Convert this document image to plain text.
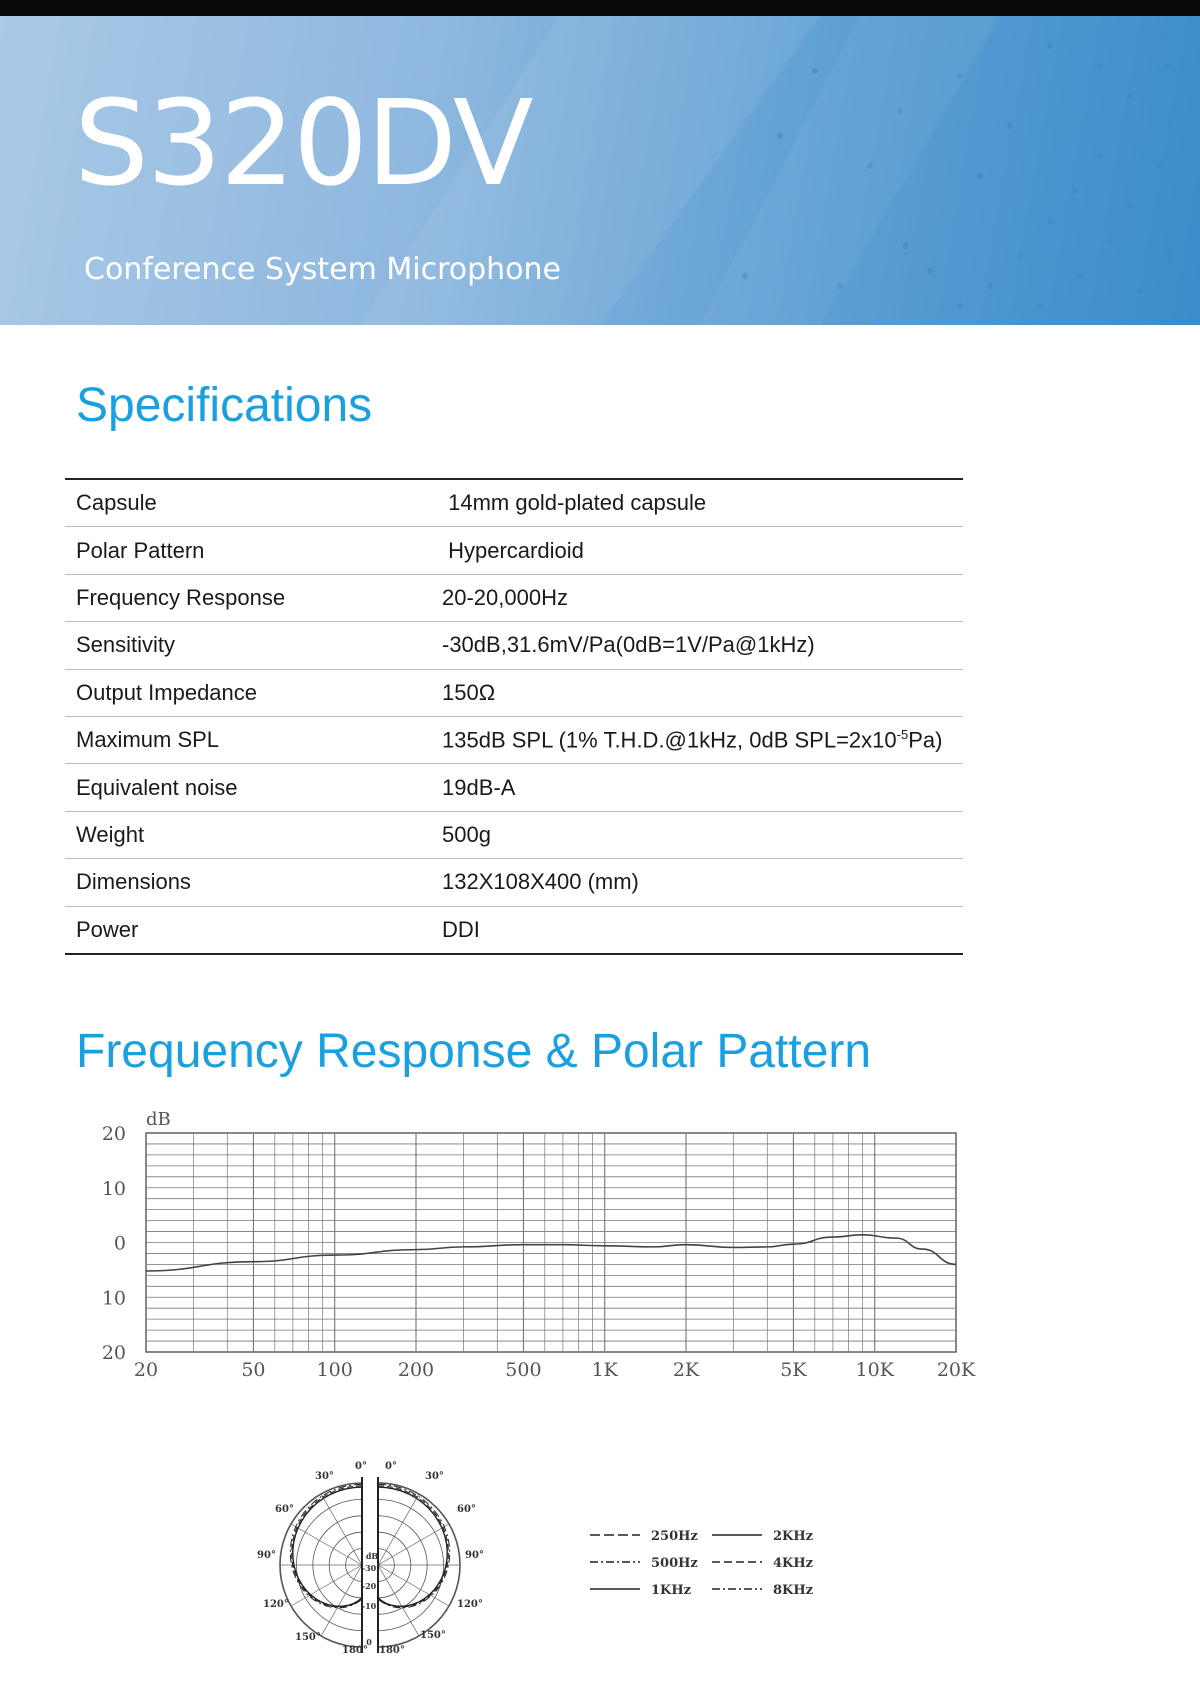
S320DV
Conference System Microphone
Specifications
Capsule	14mm gold-plated capsule
Polar Pattern	Hypercardioid
Frequency Response	20-20,000Hz
Sensitivity	-30dB,31.6mV/Pa(0dB=1V/Pa@1kHz)
Output Impedance	150Ω
Maximum SPL	135dB SPL (1% T.H.D.@1kHz, 0dB $SPL=2x10^{-5}Pa$)
Equivalent noise	19dB-A
Weight	500g
Dimensions	132X108X400 (mm)
Power	DDI
Frequency Response & Polar Pattern
20	50	100 200	500	1K	2K	5K	10K 20K
20
10
0
10
20
dB
0° 0°
30°	30°
60°	60°
90°	90°
120°	120°
150°	150°
180° 180°
dB
-30
-20
-10
0
250Hz
500Hz
1KHz
2KHz
4KHz
8KHz
